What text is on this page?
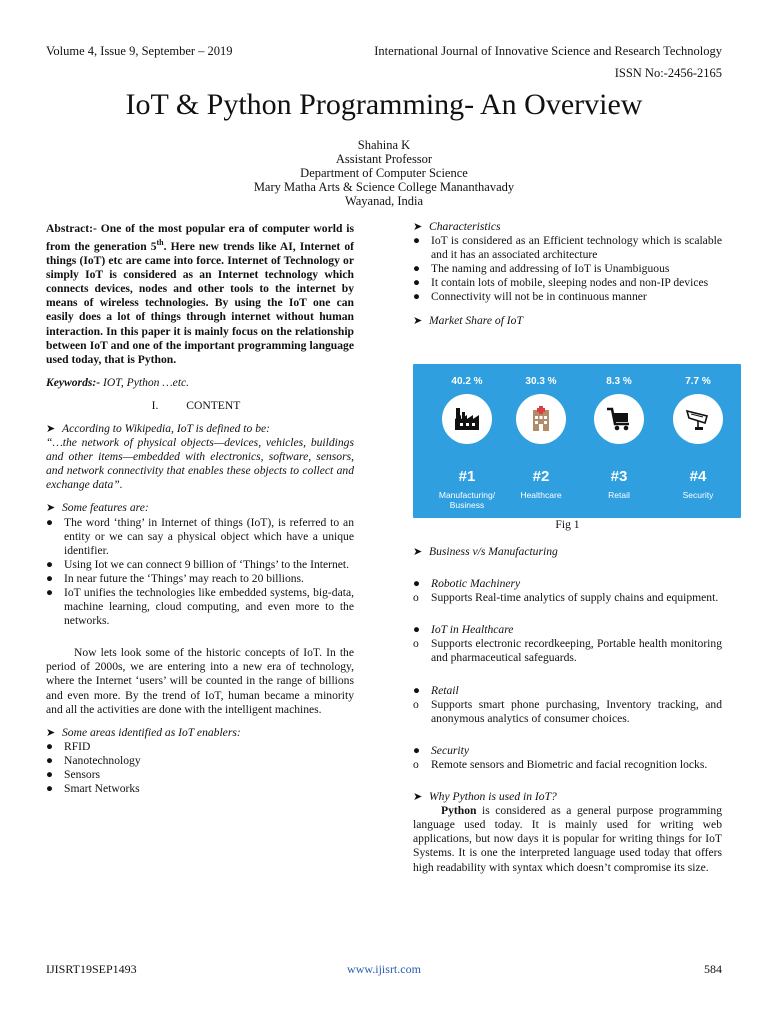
Volume 4, Issue 9, September – 2019	International Journal of Innovative Science and Research Technology
ISSN No:-2456-2165
IoT & Python Programming- An Overview
Shahina K
Assistant Professor
Department of Computer Science
Mary Matha Arts & Science College Mananthavady
Wayanad, India
Abstract:- One of the most popular era of computer world is from the generation 5th. Here new trends like AI, Internet of things (IoT) etc are came into force. Internet of Technology or simply IoT is considered as an Internet technology which connects devices, nodes and other tools to the internet by means of wireless technologies. By using the IoT one can easily does a lot of things through internet without human interaction. In this paper it is mainly focus on the relationship between IoT and one of the important programming language used today, that is Python.
Keywords:- IOT, Python …etc.
I. CONTENT
➤ According to Wikipedia, IoT is defined to be:
“…the network of physical objects—devices, vehicles, buildings and other items—embedded with electronics, software, sensors, and network connectivity that enables these objects to collect and exchange data”.
➤ Some features are:
● The word ‘thing’ in Internet of things (IoT), is referred to an entity or we can say a physical object which have a unique identifier.
● Using Iot we can connect 9 billion of ‘Things’ to the Internet.
● In near future the ‘Things’ may reach to 20 billions.
● IoT unifies the technologies like embedded systems, big-data, machine learning, cloud computing, and even more to the networks.
Now lets look some of the historic concepts of IoT. In the period of 2000s, we are entering into a new era of technology, where the Internet ‘users’ will be counted in the range of billions and even more. By the trend of IoT, human became a minority and all the activities are done with the intelligent machines.
➤ Some areas identified as IoT enablers:
● RFID
● Nanotechnology
● Sensors
● Smart Networks
➤ Characteristics
● IoT is considered as an Efficient technology which is scalable and it has an associated architecture
● The naming and addressing of IoT is Unambiguous
● It contain lots of mobile, sleeping nodes and non-IP devices
● Connectivity will not be in continuous manner
➤ Market Share of IoT
40.2 %
#1
Manufacturing/
Business
30.3 %
#2
Healthcare
8.3 %
#3
Retail
7.7 %
#4
Security
Fig 1
➤ Business v/s Manufacturing
● Robotic Machinery
o	Supports Real-time analytics of supply chains and equipment.
● IoT in Healthcare
o	Supports electronic recordkeeping, Portable health monitoring and pharmaceutical safeguards.
● Retail
o	Supports smart phone purchasing, Inventory tracking, and anonymous analytics of consumer choices.
● Security
o	Remote sensors and Biometric and facial recognition locks.
➤ Why Python is used in IoT?
Python is considered as a general purpose programming language used today. It is mainly used for writing web applications, but now days it is popular for writing things for IoT Systems. It is one the interpreted language used today that offers high readability with syntax which doesn’t compromise its size.
IJISRT19SEP1493	www.ijisrt.com	584
